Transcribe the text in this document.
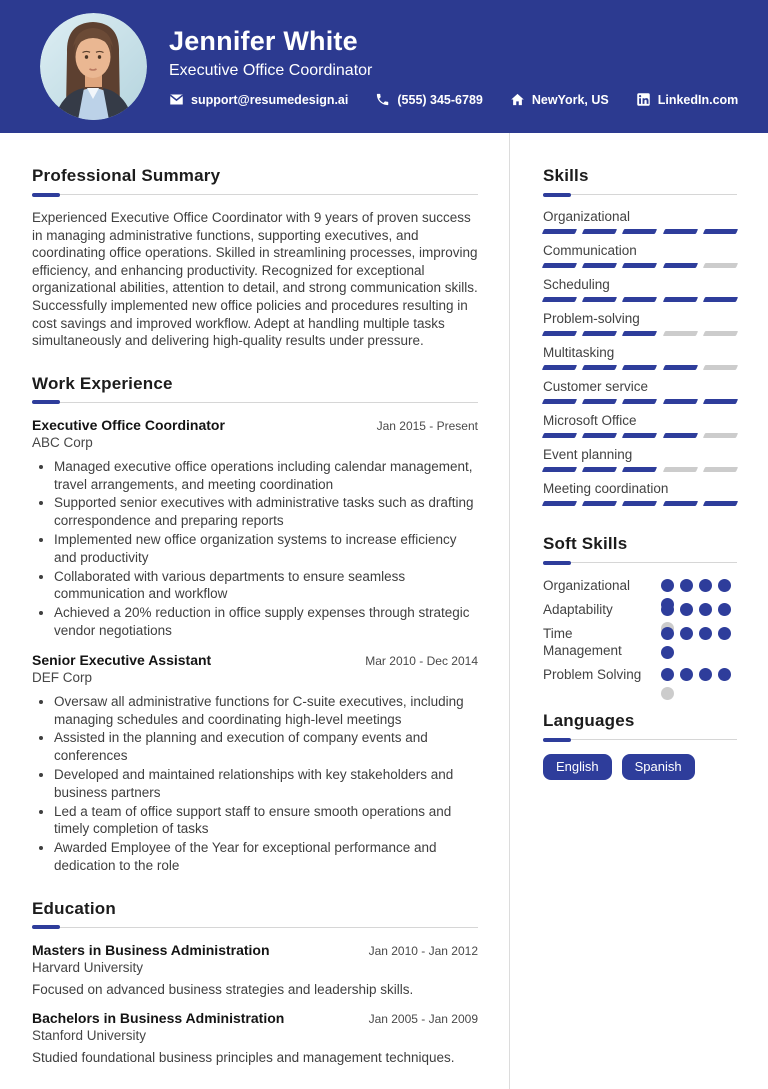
Jennifer White
Executive Office Coordinator
support@resumedesign.ai	(555) 345-6789	NewYork, US	LinkedIn.com
Professional Summary

Experienced Executive Office Coordinator with 9 years of proven success in managing administrative functions, supporting executives, and coordinating office operations. Skilled in streamlining processes, improving efficiency, and enhancing productivity. Recognized for exceptional organizational abilities, attention to detail, and strong communication skills. Successfully implemented new office policies and procedures resulting in cost savings and improved workflow. Adept at handling multiple tasks simultaneously and delivering high-quality results under pressure.

Work Experience
Executive Office Coordinator	Jan 2015 - Present
ABC Corp
• Managed executive office operations including calendar management, travel arrangements, and meeting coordination
• Supported senior executives with administrative tasks such as drafting correspondence and preparing reports
• Implemented new office organization systems to increase efficiency and productivity
• Collaborated with various departments to ensure seamless communication and workflow
• Achieved a 20% reduction in office supply expenses through strategic vendor negotiations
Senior Executive Assistant	Mar 2010 - Dec 2014
DEF Corp
• Oversaw all administrative functions for C-suite executives, including managing schedules and coordinating high-level meetings
• Assisted in the planning and execution of company events and conferences
• Developed and maintained relationships with key stakeholders and business partners
• Led a team of office support staff to ensure smooth operations and timely completion of tasks
• Awarded Employee of the Year for exceptional performance and dedication to the role
Education
Masters in Business Administration	Jan 2010 - Jan 2012
Harvard University
Focused on advanced business strategies and leadership skills.
Bachelors in Business Administration	Jan 2005 - Jan 2009
Stanford University
Studied foundational business principles and management techniques.
Skills
Organizational
Communication
Scheduling
Problem-solving
Multitasking
Customer service
Microsoft Office
Event planning
Meeting coordination
Soft Skills
Organizational
Adaptability
Time Management
Problem Solving
Languages
English	Spanish
